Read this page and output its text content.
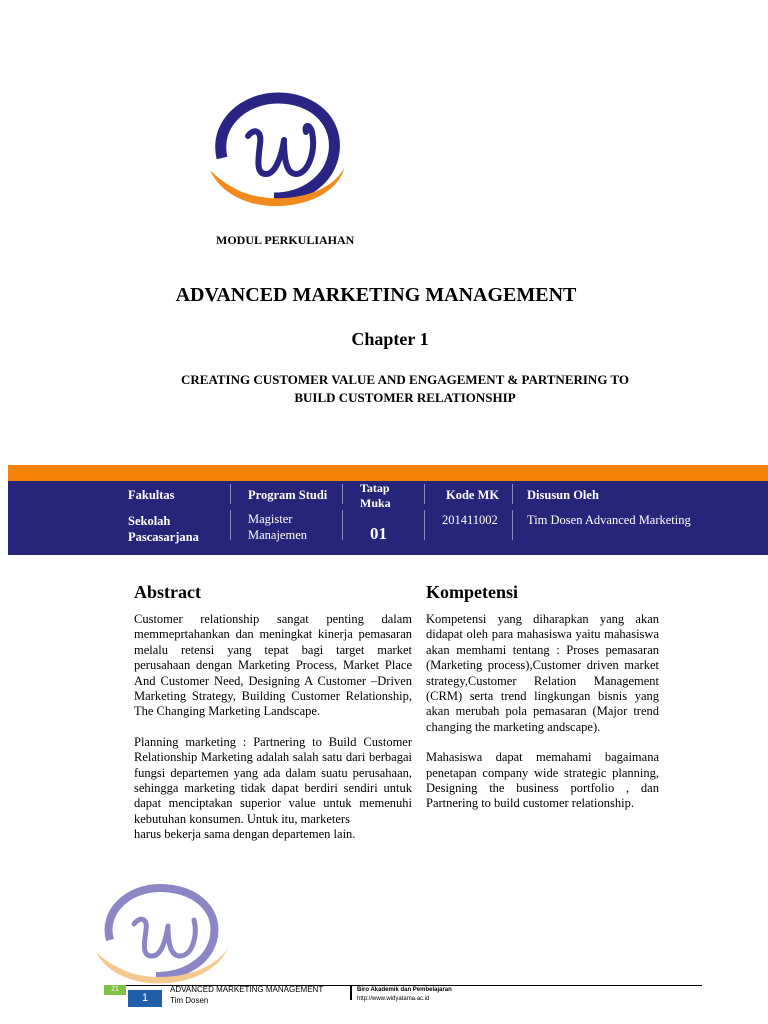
MODUL PERKULIAHAN
ADVANCED MARKETING MANAGEMENT
Chapter 1
CREATING CUSTOMER VALUE AND ENGAGEMENT & PARTNERING TO
BUILD CUSTOMER RELATIONSHIP
Fakultas
Sekolah
Pascasarjana
Program Studi
Magister
Manajemen
Tatap
Muka
01
Kode MK
201411002
Disusun Oleh
Tim Dosen Advanced Marketing
Abstract

Customer relationship sangat penting dalam memmeprtahankan dan meningkat kinerja pemasaran melalu retensi yang tepat bagi target market perusahaan dengan Marketing Process, Market Place And Customer Need, Designing A Customer –Driven Marketing Strategy, Building Customer Relationship, The Changing Marketing Landscape.

Planning marketing : Partnering to Build Customer Relationship Marketing adalah salah satu dari berbagai fungsi departemen yang ada dalam suatu perusahaan, sehingga marketing tidak dapat berdiri sendiri untuk dapat menciptakan superior value untuk memenuhi kebutuhan konsumen. Untuk itu, marketers

harus bekerja sama dengan departemen lain.
Kompetensi

Kompetensi yang diharapkan yang akan didapat oleh para mahasiswa yaitu mahasiswa akan memhami tentang : Proses pemasaran (Marketing process),Customer driven market strategy,Customer Relation Management (CRM) serta trend lingkungan bisnis yang akan merubah pola pemasaran (Major trend changing the marketing andscape).

Mahasiswa dapat memahami bagaimana penetapan company wide strategic planning, Designing the business portfolio , dan Partnering to build customer relationship.

21
1
ADVANCED MARKETING MANAGEMENT
Tim Dosen
Biro Akademik dan Pembelajaran
http://www.widyatama.ac.id
